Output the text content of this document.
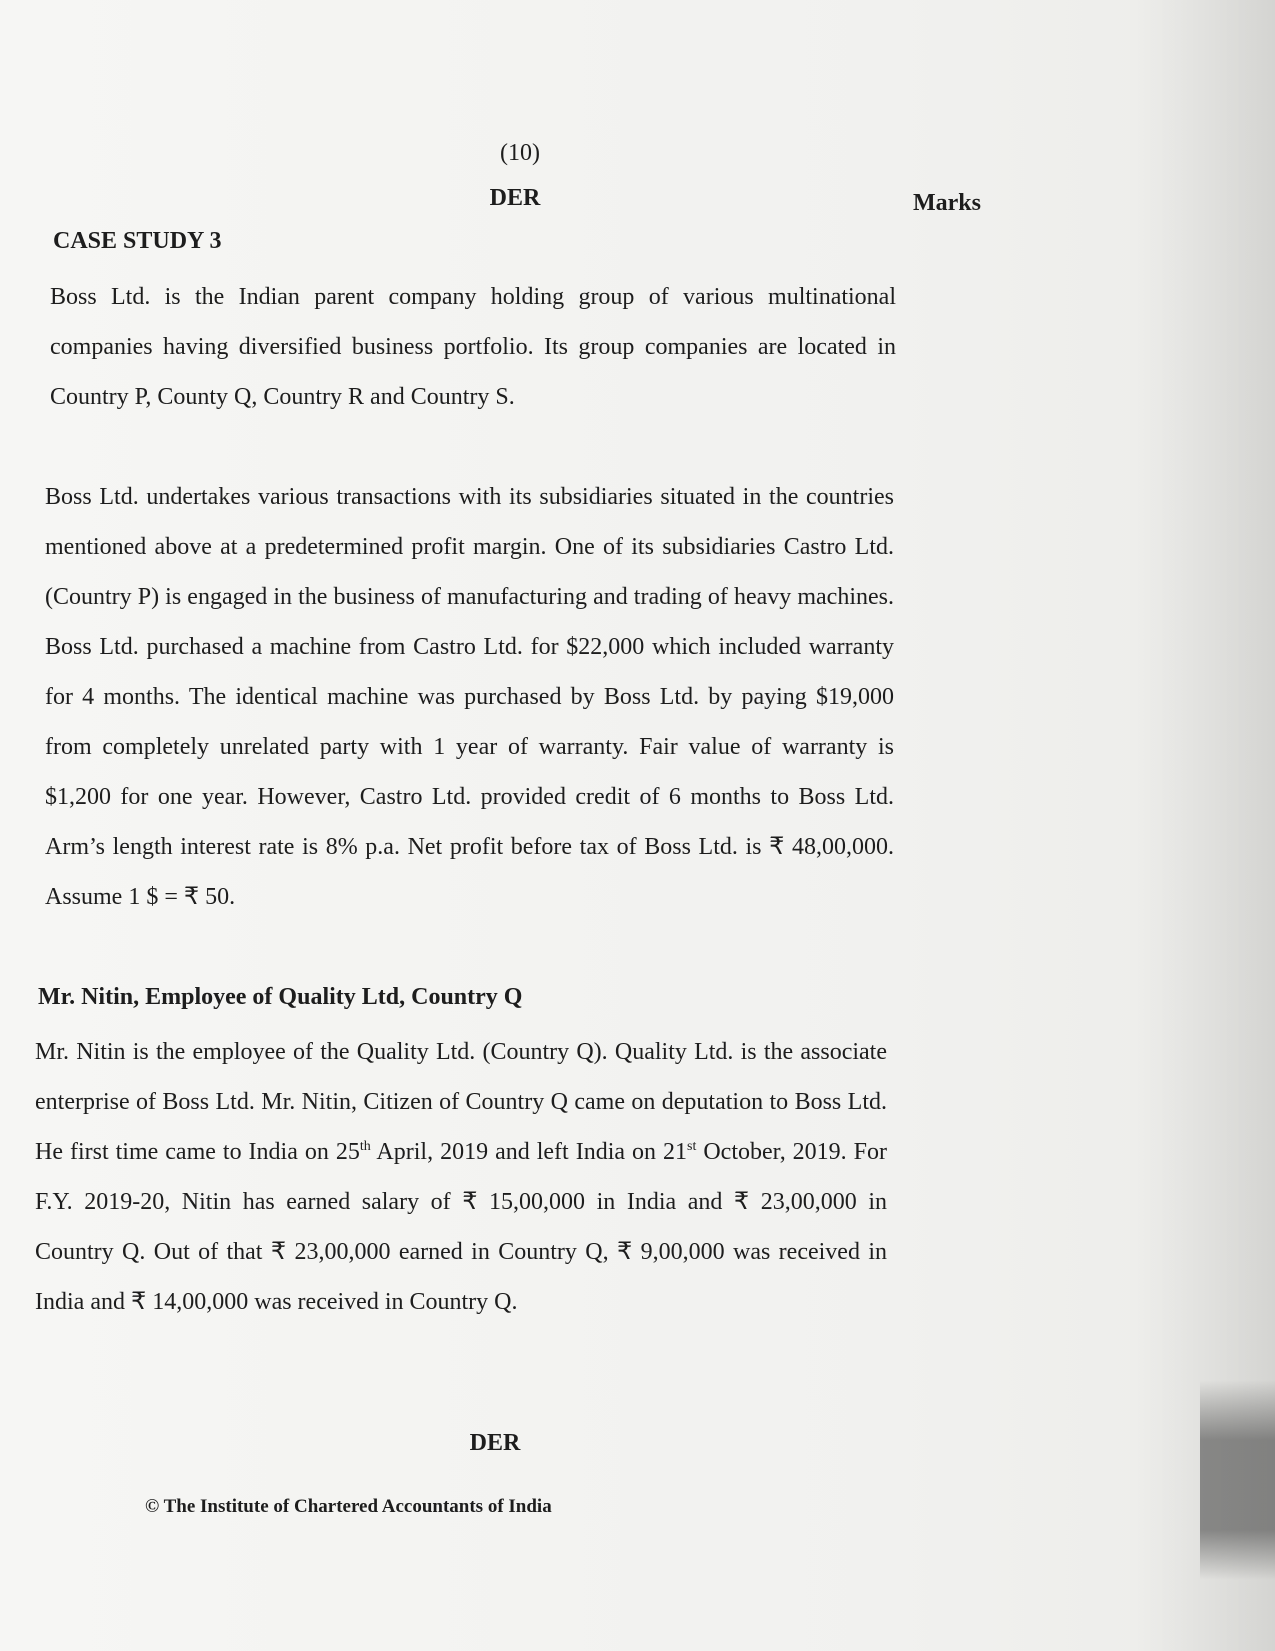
(10)
DER	Marks
CASE STUDY 3

Boss Ltd. is the Indian parent company holding group of various multinational companies having diversified business portfolio. Its group companies are located in Country P, County Q, Country R and Country S.

Boss Ltd. undertakes various transactions with its subsidiaries situated in the countries mentioned above at a predetermined profit margin. One of its subsidiaries Castro Ltd. (Country P) is engaged in the business of manufacturing and trading of heavy machines. Boss Ltd. purchased a machine from Castro Ltd. for $22,000 which included warranty for 4 months. The identical machine was purchased by Boss Ltd. by paying $19,000 from completely unrelated party with 1 year of warranty. Fair value of warranty is $1,200 for one year. However, Castro Ltd. provided credit of 6 months to Boss Ltd. Arm’s length interest rate is 8% p.a. Net profit before tax of Boss Ltd. is ₹ 48,00,000. Assume 1 $ = ₹ 50.

Mr. Nitin, Employee of Quality Ltd, Country Q

Mr. Nitin is the employee of the Quality Ltd. (Country Q). Quality Ltd. is the associate enterprise of Boss Ltd. Mr. Nitin, Citizen of Country Q came on deputation to Boss Ltd. He first time came to India on 25th April, 2019 and left India on 21st October, 2019. For F.Y. 2019-20, Nitin has earned salary of ₹ 15,00,000 in India and ₹ 23,00,000 in Country Q. Out of that ₹ 23,00,000 earned in Country Q, ₹ 9,00,000 was received in India and ₹ 14,00,000 was received in Country Q.

DER
© The Institute of Chartered Accountants of India
